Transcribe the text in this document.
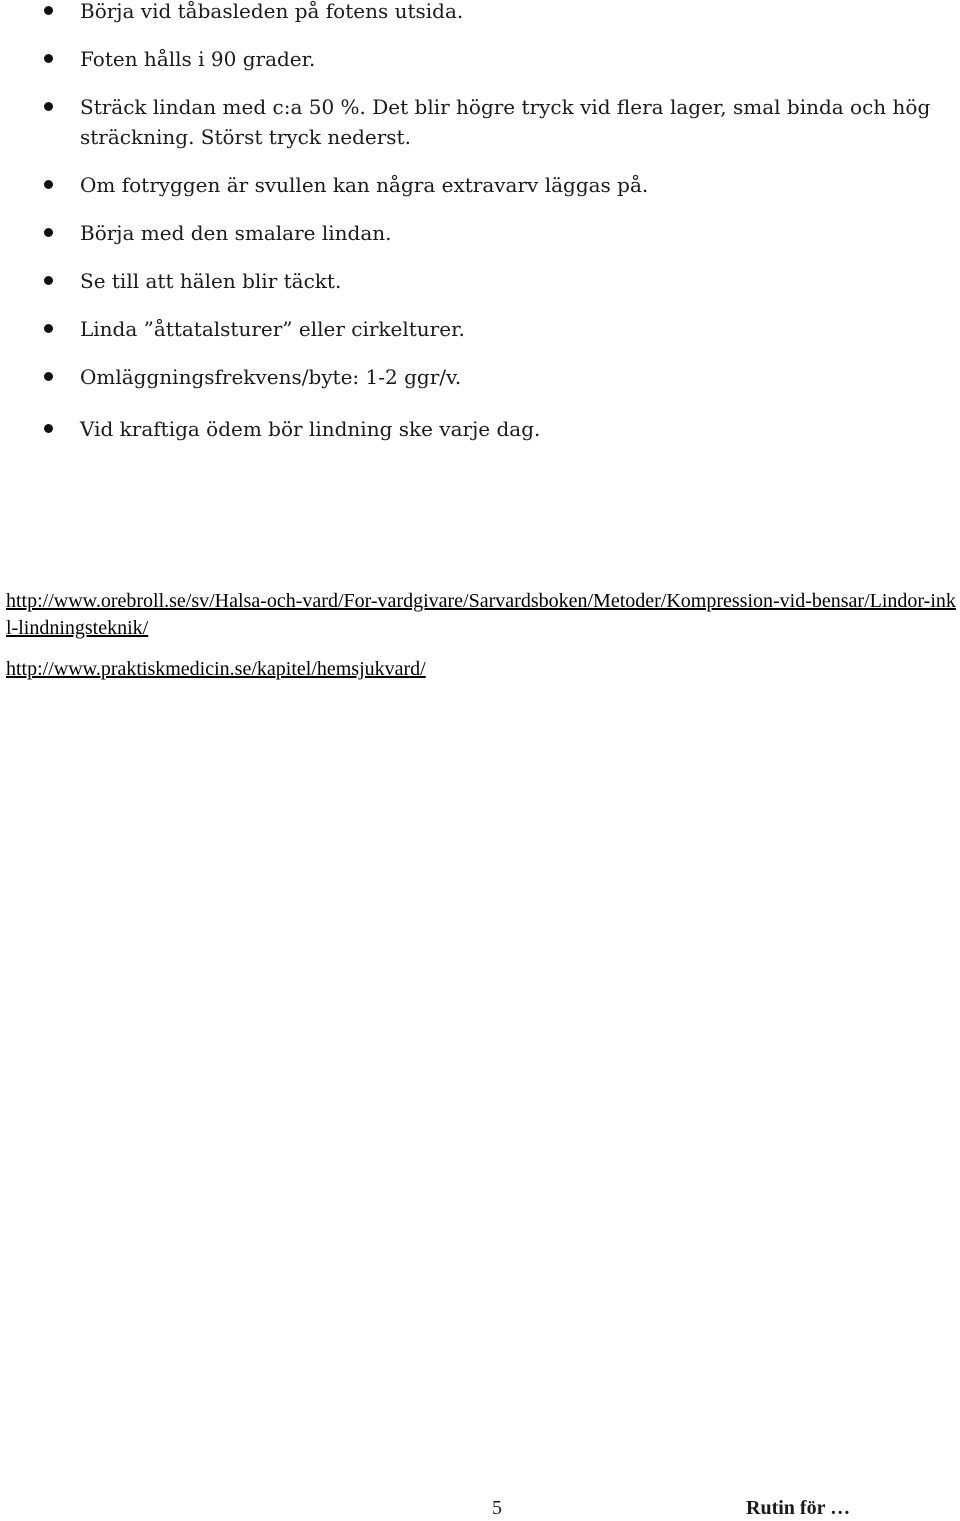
Börja vid tåbasleden på fotens utsida.
Foten hålls i 90 grader.
Sträck lindan med c:a 50 %. Det blir högre tryck vid flera lager, smal binda och hög sträckning. Störst tryck nederst.
Om fotryggen är svullen kan några extravarv läggas på.
Börja med den smalare lindan.
Se till att hälen blir täckt.
Linda ”åttatalsturer” eller cirkelturer.
Omläggningsfrekvens/byte: 1-2 ggr/v.
Vid kraftiga ödem bör lindning ske varje dag.
http://www.orebroll.se/sv/Halsa-och-vard/For-vardgivare/Sarvardsboken/Metoder/Kompression-vid-bensar/Lindor-inkl-lindningsteknik/
http://www.praktiskmedicin.se/kapitel/hemsjukvard/
5	Rutin för …
